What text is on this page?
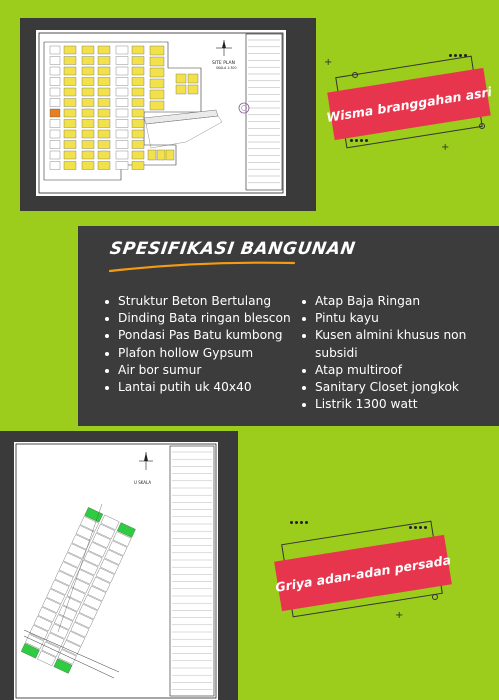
SITE PLAN
SKALA 1:300	+
+
Wisma branggahan asri
SPESIFIKASI BANGUNAN
Struktur Beton Bertulang
Dinding Bata ringan blescon
Pondasi Pas Batu kumbong
Plafon hollow Gypsum
Air bor sumur
Lantai putih uk 40x40
Atap Baja Ringan
Pintu kayu
Kusen almini khusus non
subsidi
Atap multiroof
Sanitary Closet jongkok
Listrik 1300 watt
U SKALA
+
Griya adan-adan persada
